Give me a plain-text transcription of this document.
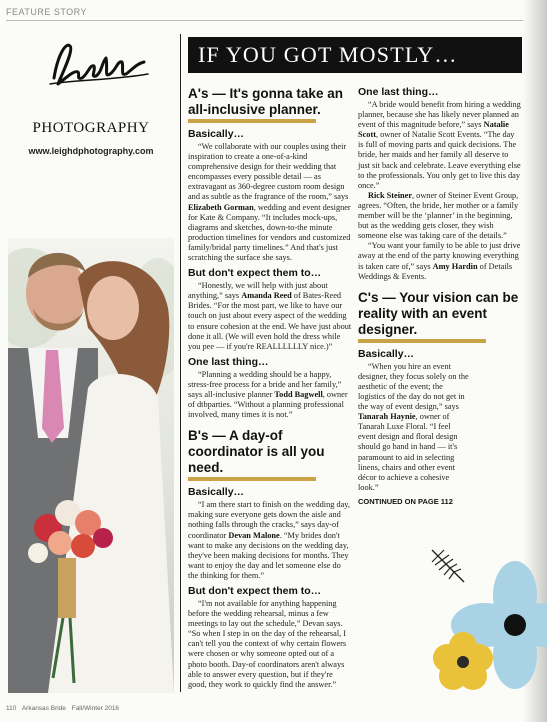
FEATURE STORY
PHOTOGRAPHY
www.leighdphotography.com
IF YOU GOT MOSTLY…
A's — It's gonna take an all-inclusive planner.
Basically…

“We collaborate with our couples using their inspiration to create a one-of-a-kind comprehensive design for their wedding that encompasses every possible detail — as extravagant as 360-degree custom room design and as subtle as the fragrance of the room,” says Elizabeth Gorman, wedding and event designer for Kate & Company. “It includes mock-ups, diagrams and sketches, down-to-the minute production timelines for vendors and customized family/bridal party timelines.” And that's just scratching the surface she says.

But don't expect them to…

“Honestly, we will help with just about anything,” says Amanda Reed of Bates-Reed Brides. “For the most part, we like to have our touch on just about every aspect of the wedding to ensure cohesion at the end. We have just about done it all. (We will even hold the dress while you pee — if you're REALLLLLLY nice.)”

One last thing…

“Planning a wedding should be a happy, stress-free process for a bride and her family,” says all-inclusive planner Todd Bagwell, owner of dtbparties. “Without a planning professional involved, many times it is not.”

B's — A day-of coordinator is all you need.
Basically…

“I am there start to finish on the wedding day, making sure everyone gets down the aisle and nothing falls through the cracks,” says day-of coordinator Devan Malone. “My brides don't want to make any decisions on the wedding day, they've been making decisions for months. They want to enjoy the day and let someone else do the thinking for them.”

But don't expect them to…

“I'm not available for anything happening before the wedding rehearsal, minus a few meetings to lay out the schedule,” Devan says. “So when I step in on the day of the rehearsal, I can't tell you the context of why certain flowers were chosen or why someone opted out of a photo booth. Day-of coordinators aren't always able to answer every question, but if they're good, they work to quickly find the answer.”

One last thing…

“A bride would benefit from hiring a wedding planner, because she has likely never planned an event of this magnitude before,” says Natalie Scott, owner of Natalie Scott Events. “The day is full of moving parts and quick decisions. The bride, her maids and her family all deserve to just sit back and celebrate. Leave everything else to the professionals. You only get to live this day once.”

Rick Steiner, owner of Steiner Event Group, agrees. “Often, the bride, her mother or a family member will be the ‘planner’ in the beginning, but as the wedding gets closer, they wish someone else was taking care of the details.”

“You want your family to be able to just drive away at the end of the party knowing everything is taken care of,” says Amy Hardin of Details Weddings & Events.

C's — Your vision can be reality with an event designer.
Basically…

“When you hire an event designer, they focus solely on the aesthetic of the event; the logistics of the day do not get in the way of event design,” says Tanarah Haynie, owner of Tanarah Luxe Floral. “I feel event design and floral design should go hand in hand — it's paramount to aid in selecting linens, chairs and other event décor to achieve a cohesive look.”

CONTINUED ON PAGE 112
110 Arkansas Bride Fall/Winter 2016
